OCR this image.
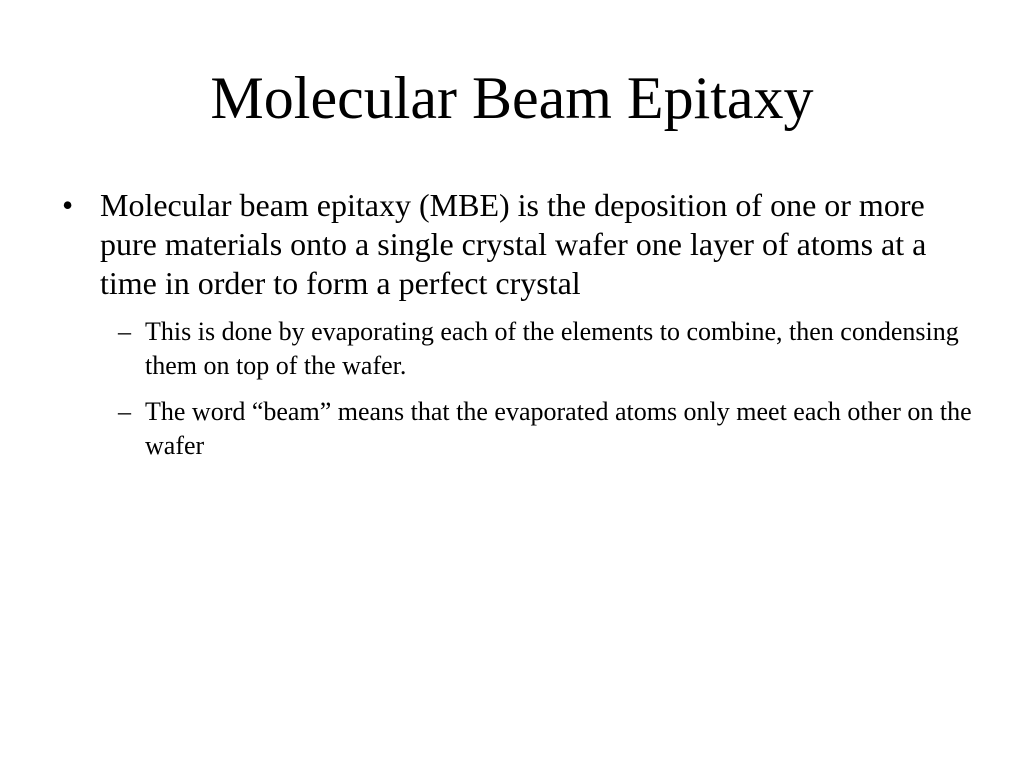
Molecular Beam Epitaxy
• Molecular beam epitaxy (MBE) is the deposition of one or more pure materials onto a single crystal wafer one layer of atoms at a time in order to form a perfect crystal
– This is done by evaporating each of the elements to combine, then condensing them on top of the wafer.
– The word “beam” means that the evaporated atoms only meet each other on the wafer
